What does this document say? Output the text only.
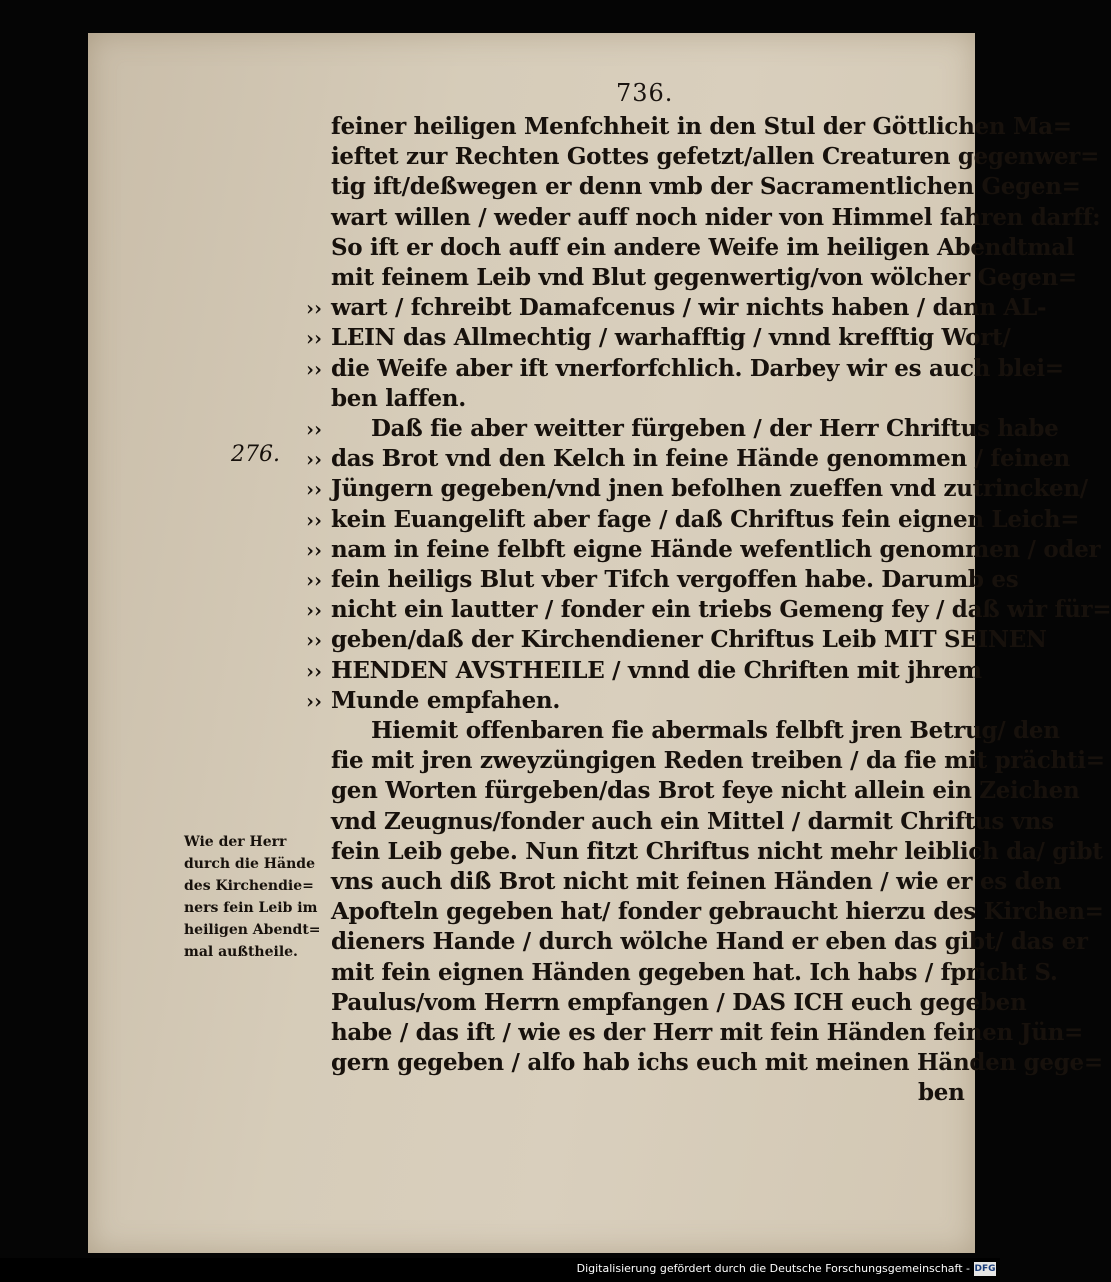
736.
276.
feiner heiligen Menfchheit in den Stul der Göttlichen Ma=
ieftet zur Rechten Gottes gefetzt/allen Creaturen gegenwer=
tig ift/deßwegen er denn vmb der Sacramentlichen Gegen=
wart willen / weder auff noch nider von Himmel fahren darff:
So ift er doch auff ein andere Weife im heiligen Abendtmal
mit feinem Leib vnd Blut gegenwertig/von wölcher Gegen=
›› wart / fchreibt Damafcenus / wir nichts haben / dann AL-
›› LEIN das Allmechtig / warhafftig / vnnd krefftig Wort/
›› die Weife aber ift vnerforfchlich. Darbey wir es auch blei=
ben laffen.
››	Daß fie aber weitter fürgeben / der Herr Chriftus habe
›› das Brot vnd den Kelch in feine Hände genommen / feinen
›› Jüngern gegeben/vnd jnen befolhen zueffen vnd zutrincken/
›› kein Euangelift aber fage / daß Chriftus fein eignen Leich=
›› nam in feine felbft eigne Hände wefentlich genommen / oder
›› fein heiligs Blut vber Tifch vergoffen habe. Darumb es
›› nicht ein lautter / fonder ein triebs Gemeng fey / daß wir für=
›› geben/daß der Kirchendiener Chriftus Leib MIT SEINEN
›› HENDEN AVSTHEILE / vnnd die Chriften mit jhrem
›› Munde empfahen.
Hiemit offenbaren fie abermals felbft jren Betrug/ den
fie mit jren zweyzüngigen Reden treiben / da fie mit prächti=
gen Worten fürgeben/das Brot feye nicht allein ein Zeichen
vnd Zeugnus/fonder auch ein Mittel / darmit Chriftus vns
fein Leib gebe. Nun fitzt Chriftus nicht mehr leiblich da/ gibt
vns auch diß Brot nicht mit feinen Händen / wie er es den
Apofteln gegeben hat/ fonder gebraucht hierzu des Kirchen=
dieners Hande / durch wölche Hand er eben das gibt/ das er
mit fein eignen Händen gegeben hat. Ich habs / fpricht S.
Paulus/vom Herrn empfangen / DAS ICH euch gegeben
habe / das ift / wie es der Herr mit fein Händen feinen Jün=
gern gegeben / alfo hab ichs euch mit meinen Händen gege=
ben
Wie der Herr
durch die Hände
des Kirchendie=
ners fein Leib im
heiligen Abendt=
mal außtheile.
Digitalisierung gefördert durch die Deutsche Forschungsgemeinschaft - DFG
